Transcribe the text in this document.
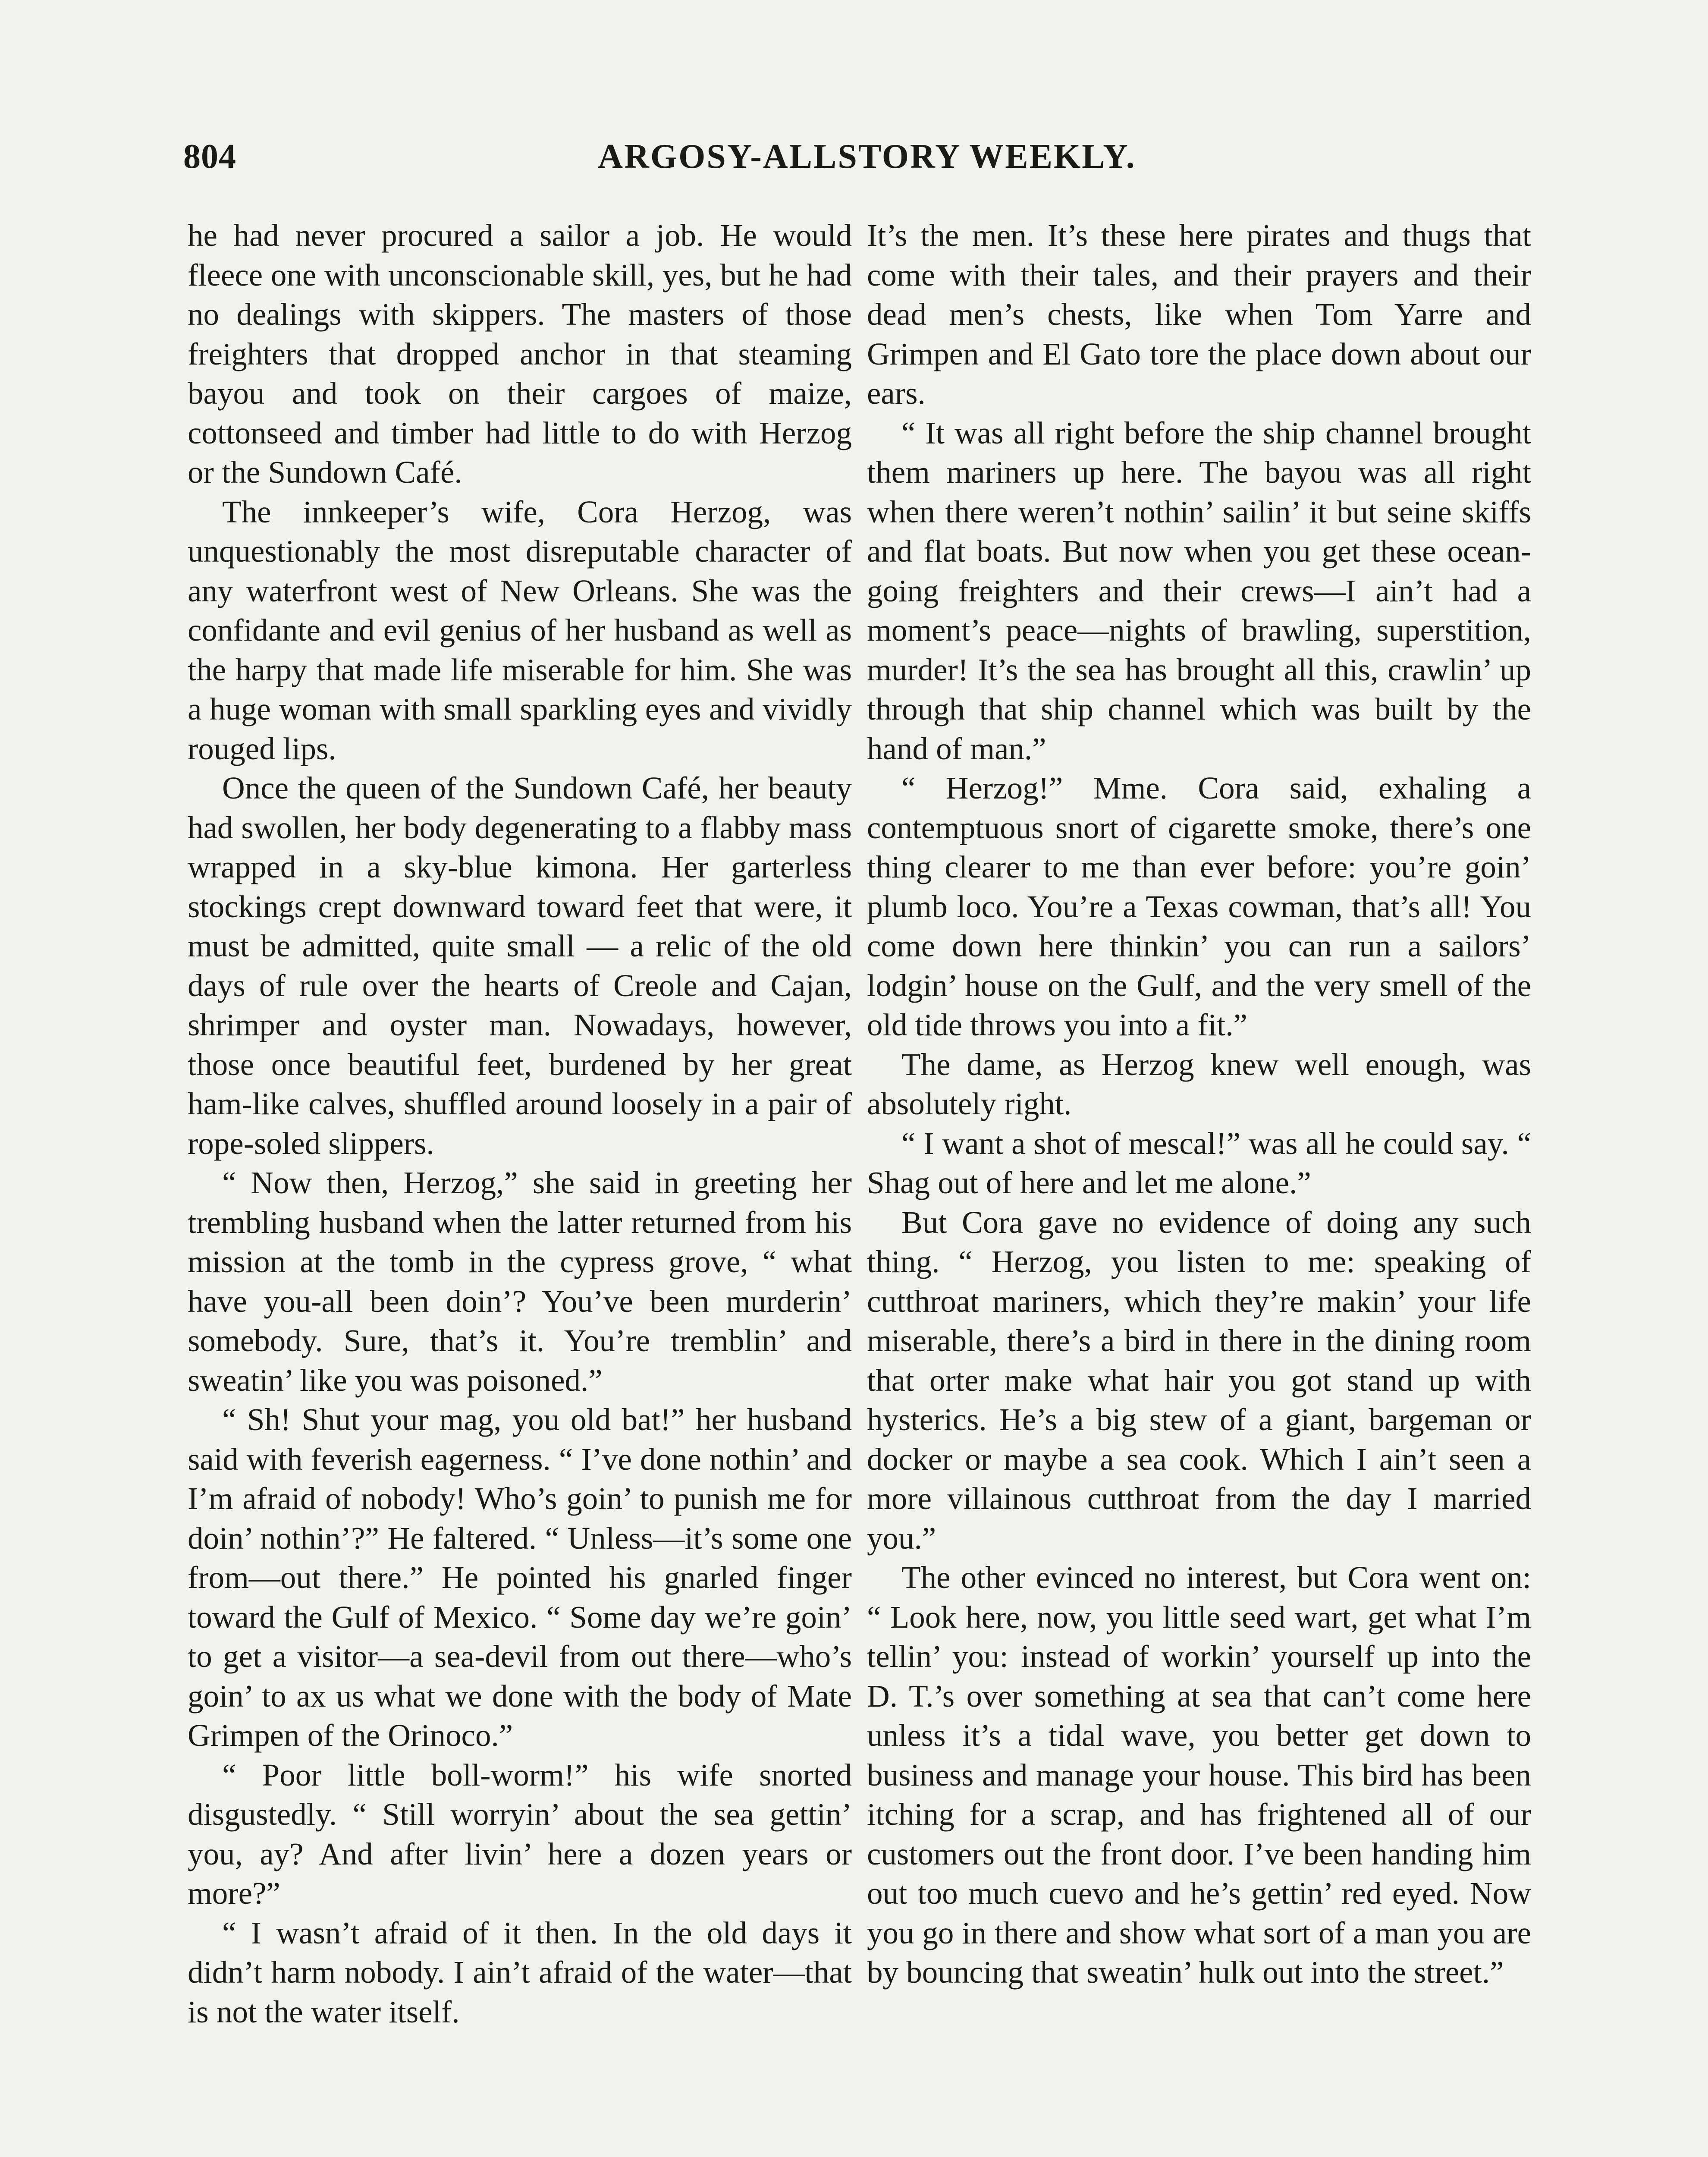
804	ARGOSY-ALLSTORY WEEKLY.

he had never procured a sailor a job. He would fleece one with unconscionable skill, yes, but he had no dealings with skippers. The masters of those freighters that dropped anchor in that steaming bayou and took on their cargoes of maize, cottonseed and timber had little to do with Herzog or the Sundown Café.

The innkeeper’s wife, Cora Herzog, was unquestionably the most disreputable character of any waterfront west of New Orleans. She was the confidante and evil genius of her husband as well as the harpy that made life miserable for him. She was a huge woman with small sparkling eyes and vividly rouged lips.

Once the queen of the Sundown Café, her beauty had swollen, her body degenerating to a flabby mass wrapped in a sky-blue kimona. Her garterless stockings crept downward toward feet that were, it must be admitted, quite small — a relic of the old days of rule over the hearts of Creole and Cajan, shrimper and oyster man. Nowadays, however, those once beautiful feet, burdened by her great ham-like calves, shuffled around loosely in a pair of rope-soled slippers.

“ Now then, Herzog,” she said in greeting her trembling husband when the latter returned from his mission at the tomb in the cypress grove, “ what have you-all been doin’? You’ve been murderin’ somebody. Sure, that’s it. You’re tremblin’ and sweatin’ like you was poisoned.”

“ Sh! Shut your mag, you old bat!” her husband said with feverish eagerness. “ I’ve done nothin’ and I’m afraid of nobody! Who’s goin’ to punish me for doin’ nothin’?” He faltered. “ Unless—it’s some one from—out there.” He pointed his gnarled finger toward the Gulf of Mexico. “ Some day we’re goin’ to get a visitor—a sea-devil from out there—who’s goin’ to ax us what we done with the body of Mate Grimpen of the Orinoco.”

“ Poor little boll-worm!” his wife snorted disgustedly. “ Still worryin’ about the sea gettin’ you, ay? And after livin’ here a dozen years or more?”

“ I wasn’t afraid of it then. In the old days it didn’t harm nobody. I ain’t afraid of the water—that is not the water itself.

It’s the men. It’s these here pirates and thugs that come with their tales, and their prayers and their dead men’s chests, like when Tom Yarre and Grimpen and El Gato tore the place down about our ears.

“ It was all right before the ship channel brought them mariners up here. The bayou was all right when there weren’t nothin’ sailin’ it but seine skiffs and flat boats. But now when you get these ocean-going freighters and their crews—I ain’t had a moment’s peace—nights of brawling, superstition, murder! It’s the sea has brought all this, crawlin’ up through that ship channel which was built by the hand of man.”

“ Herzog!” Mme. Cora said, exhaling a contemptuous snort of cigarette smoke, there’s one thing clearer to me than ever before: you’re goin’ plumb loco. You’re a Texas cowman, that’s all! You come down here thinkin’ you can run a sailors’ lodgin’ house on the Gulf, and the very smell of the old tide throws you into a fit.”

The dame, as Herzog knew well enough, was absolutely right.

“ I want a shot of mescal!” was all he could say. “ Shag out of here and let me alone.”

But Cora gave no evidence of doing any such thing. “ Herzog, you listen to me: speaking of cutthroat mariners, which they’re makin’ your life miserable, there’s a bird in there in the dining room that orter make what hair you got stand up with hysterics. He’s a big stew of a giant, bargeman or docker or maybe a sea cook. Which I ain’t seen a more villainous cutthroat from the day I married you.”

The other evinced no interest, but Cora went on: “ Look here, now, you little seed wart, get what I’m tellin’ you: instead of workin’ yourself up into the D. T.’s over something at sea that can’t come here unless it’s a tidal wave, you better get down to business and manage your house. This bird has been itching for a scrap, and has frightened all of our customers out the front door. I’ve been handing him out too much cuevo and he’s gettin’ red eyed. Now you go in there and show what sort of a man you are by bouncing that sweatin’ hulk out into the street.”
